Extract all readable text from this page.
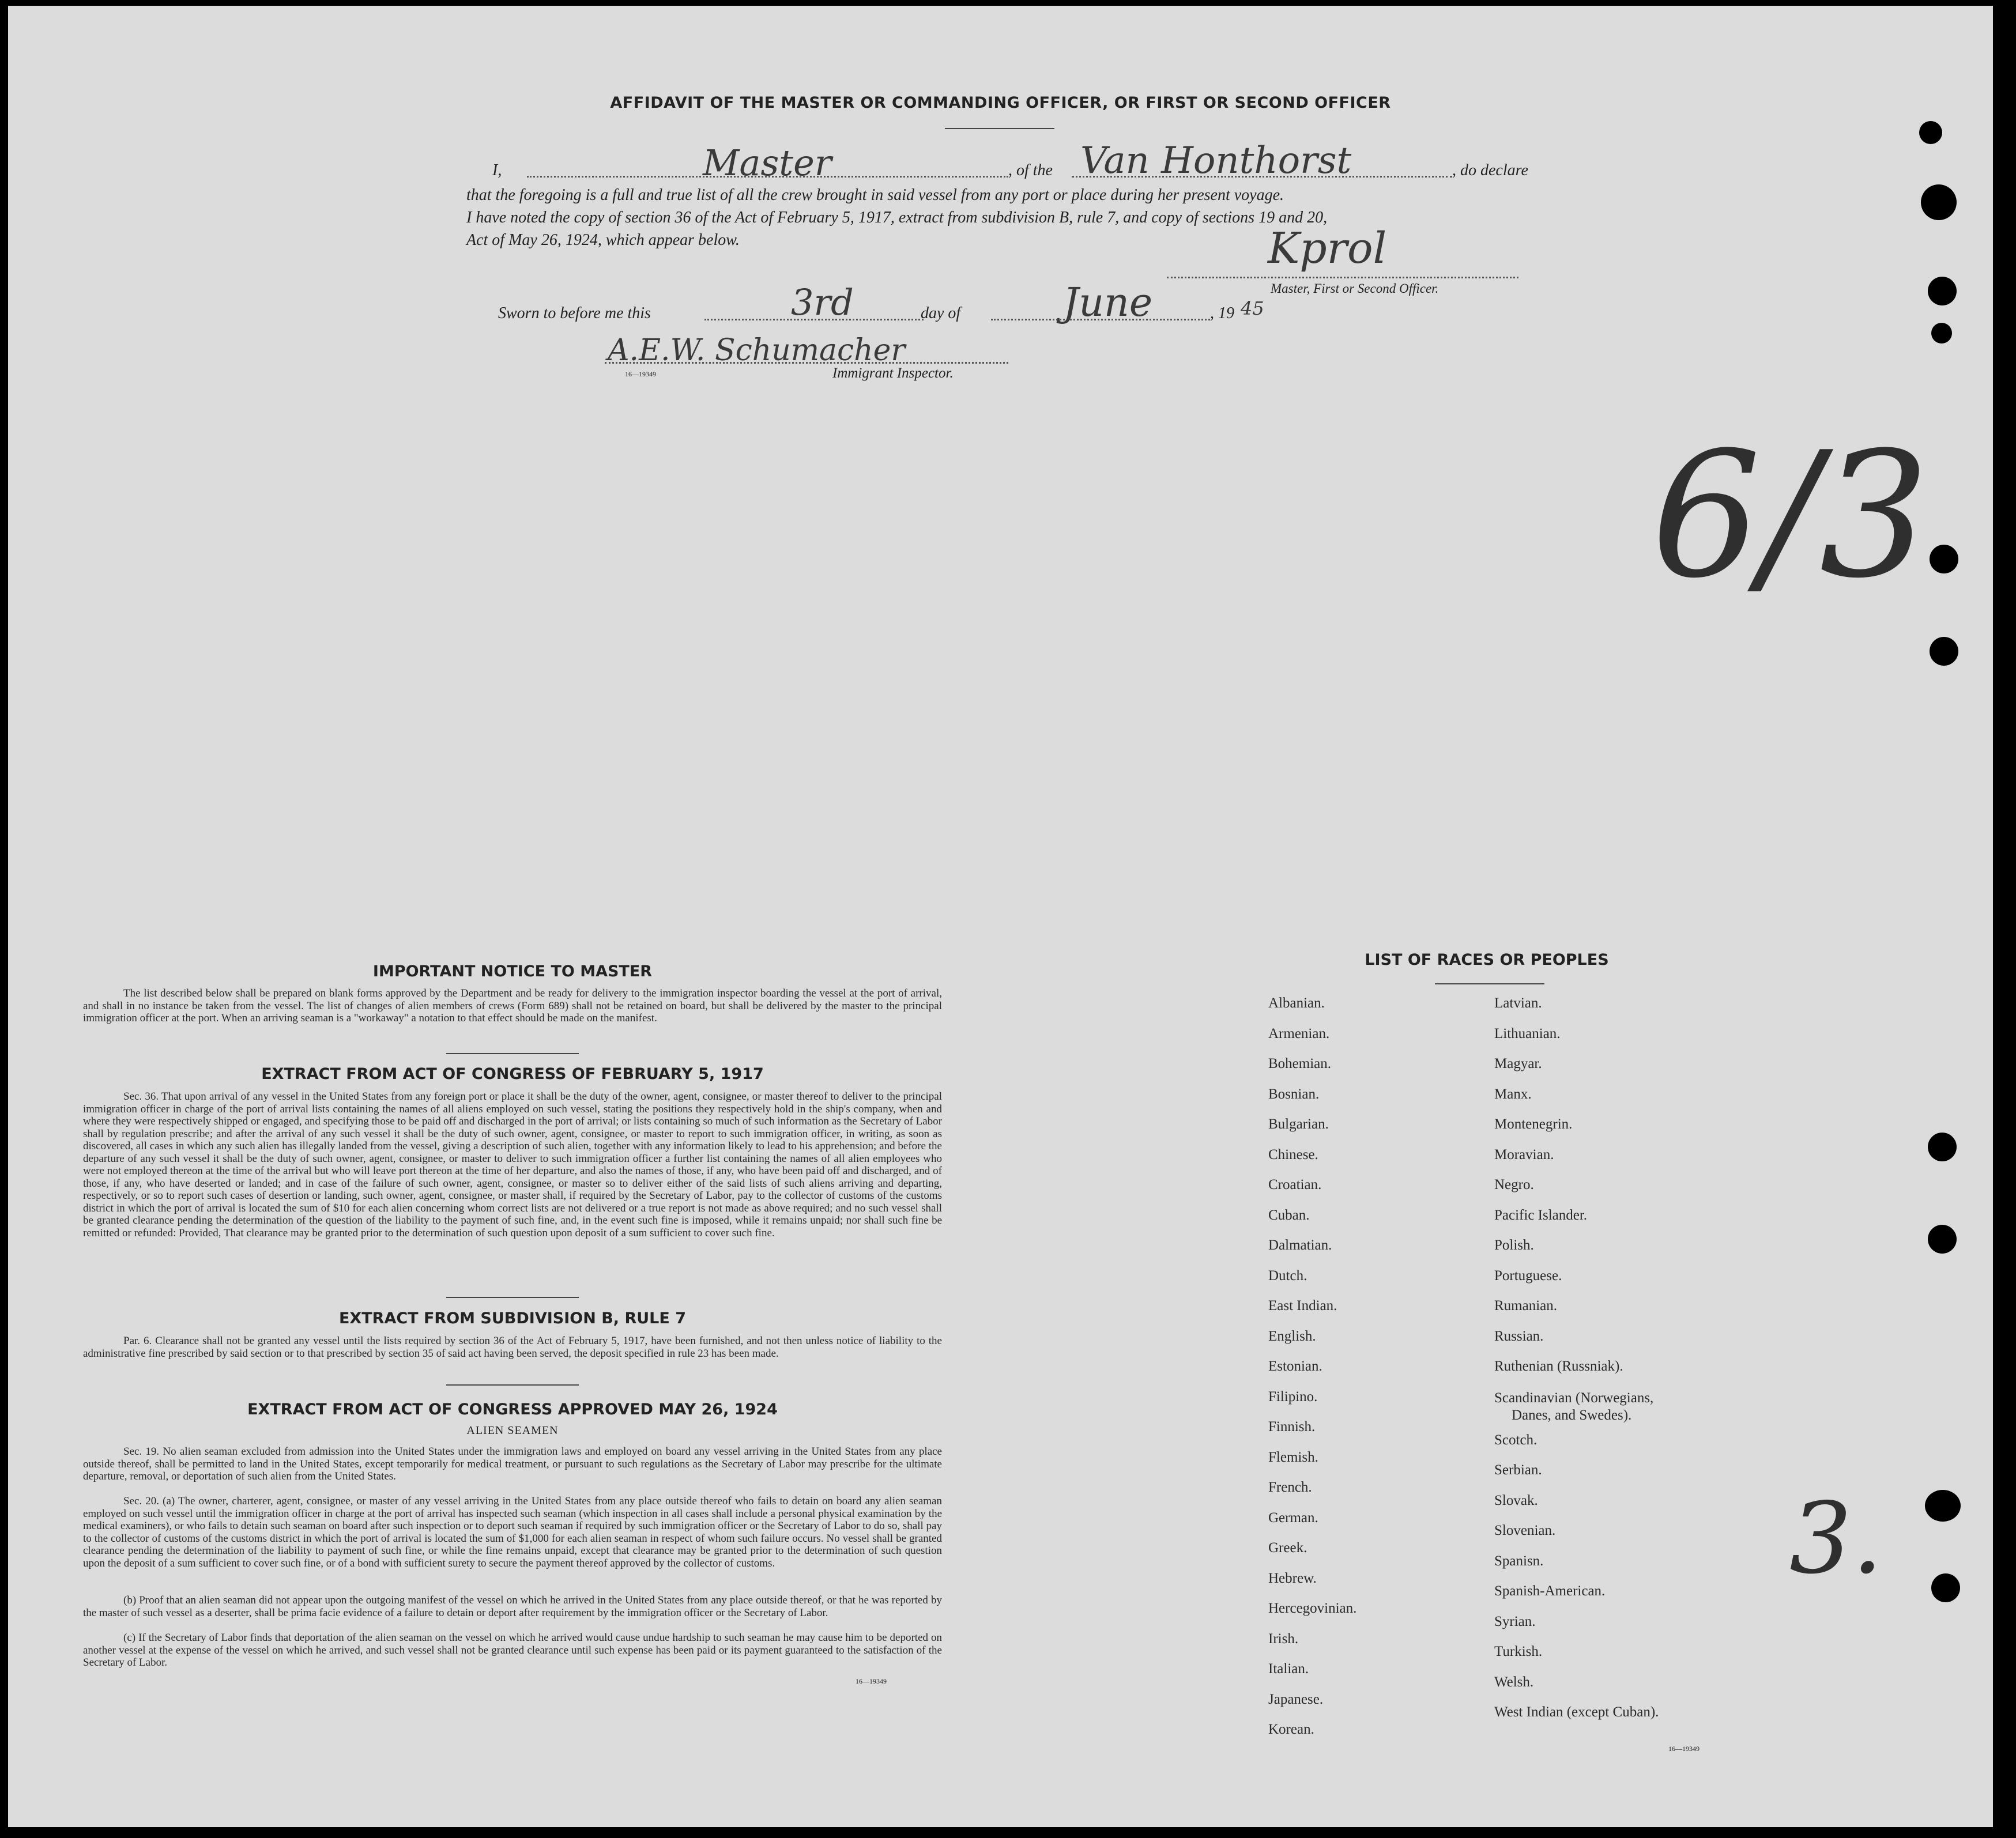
AFFIDAVIT OF THE MASTER OR COMMANDING OFFICER, OR FIRST OR SECOND OFFICER
I,	Master	, of the Van Honthorst	, do declare
that the foregoing is a full and true list of all the crew brought in said vessel from any port or place during her present voyage.
I have noted the copy of section 36 of the Act of February 5, 1917, extract from subdivision B, rule 7, and copy of sections 19 and 20,
Act of May 26, 1924, which appear below.	Kprol
Master, First or Second Officer.
Sworn to before me this	3rd	day of	June	, 19 45
A.E.W. Schumacher
16—19349	Immigrant Inspector.
6/3
3.
IMPORTANT NOTICE TO MASTER
The list described below shall be prepared on blank forms approved by the Department and be ready for delivery to the immigration inspector boarding the vessel at the port of arrival, and shall in no instance be taken from the vessel. The list of changes of alien members of crews (Form 689) shall not be retained on board, but shall be delivered by the master to the principal immigration officer at the port. When an arriving seaman is a "workaway" a notation to that effect should be made on the manifest.
EXTRACT FROM ACT OF CONGRESS OF FEBRUARY 5, 1917
Sec. 36. That upon arrival of any vessel in the United States from any foreign port or place it shall be the duty of the owner, agent, consignee, or master thereof to deliver to the principal immigration officer in charge of the port of arrival lists containing the names of all aliens employed on such vessel, stating the positions they respectively hold in the ship's company, when and where they were respectively shipped or engaged, and specifying those to be paid off and discharged in the port of arrival; or lists containing so much of such information as the Secretary of Labor shall by regulation prescribe; and after the arrival of any such vessel it shall be the duty of such owner, agent, consignee, or master to report to such immigration officer, in writing, as soon as discovered, all cases in which any such alien has illegally landed from the vessel, giving a description of such alien, together with any information likely to lead to his apprehension; and before the departure of any such vessel it shall be the duty of such owner, agent, consignee, or master to deliver to such immigration officer a further list containing the names of all alien employees who were not employed thereon at the time of the arrival but who will leave port thereon at the time of her departure, and also the names of those, if any, who have been paid off and discharged, and of those, if any, who have deserted or landed; and in case of the failure of such owner, agent, consignee, or master so to deliver either of the said lists of such aliens arriving and departing, respectively, or so to report such cases of desertion or landing, such owner, agent, consignee, or master shall, if required by the Secretary of Labor, pay to the collector of customs of the customs district in which the port of arrival is located the sum of $10 for each alien concerning whom correct lists are not delivered or a true report is not made as above required; and no such vessel shall be granted clearance pending the determination of the question of the liability to the payment of such fine, and, in the event such fine is imposed, while it remains unpaid; nor shall such fine be remitted or refunded: Provided, That clearance may be granted prior to the determination of such question upon deposit of a sum sufficient to cover such fine.
EXTRACT FROM SUBDIVISION B, RULE 7
Par. 6. Clearance shall not be granted any vessel until the lists required by section 36 of the Act of February 5, 1917, have been furnished, and not then unless notice of liability to the administrative fine prescribed by said section or to that prescribed by section 35 of said act having been served, the deposit specified in rule 23 has been made.
EXTRACT FROM ACT OF CONGRESS APPROVED MAY 26, 1924
ALIEN SEAMEN
Sec. 19. No alien seaman excluded from admission into the United States under the immigration laws and employed on board any vessel arriving in the United States from any place outside thereof, shall be permitted to land in the United States, except temporarily for medical treatment, or pursuant to such regulations as the Secretary of Labor may prescribe for the ultimate departure, removal, or deportation of such alien from the United States.
Sec. 20. (a) The owner, charterer, agent, consignee, or master of any vessel arriving in the United States from any place outside thereof who fails to detain on board any alien seaman employed on such vessel until the immigration officer in charge at the port of arrival has inspected such seaman (which inspection in all cases shall include a personal physical examination by the medical examiners), or who fails to detain such seaman on board after such inspection or to deport such seaman if required by such immigration officer or the Secretary of Labor to do so, shall pay to the collector of customs of the customs district in which the port of arrival is located the sum of $1,000 for each alien seaman in respect of whom such failure occurs. No vessel shall be granted clearance pending the determination of the liability to payment of such fine, or while the fine remains unpaid, except that clearance may be granted prior to the determination of such question upon the deposit of a sum sufficient to cover such fine, or of a bond with sufficient surety to secure the payment thereof approved by the collector of customs.
(b) Proof that an alien seaman did not appear upon the outgoing manifest of the vessel on which he arrived in the United States from any place outside thereof, or that he was reported by the master of such vessel as a deserter, shall be prima facie evidence of a failure to detain or deport after requirement by the immigration officer or the Secretary of Labor.
(c) If the Secretary of Labor finds that deportation of the alien seaman on the vessel on which he arrived would cause undue hardship to such seaman he may cause him to be deported on another vessel at the expense of the vessel on which he arrived, and such vessel shall not be granted clearance until such expense has been paid or its payment guaranteed to the satisfaction of the Secretary of Labor.
16—19349
LIST OF RACES OR PEOPLES
Albanian.
Armenian.
Bohemian.
Bosnian.
Bulgarian.
Chinese.
Croatian.
Cuban.
Dalmatian.
Dutch.
East Indian.
English.
Estonian.
Filipino.
Finnish.
Flemish.
French.
German.
Greek.
Hebrew.
Hercegovinian.
Irish.
Italian.
Japanese.
Korean.
Latvian.
Lithuanian.
Magyar.
Manx.
Montenegrin.
Moravian.
Negro.
Pacific Islander.
Polish.
Portuguese.
Rumanian.
Russian.
Ruthenian (Russniak).
Scandinavian (Norwegians,
Danes, and Swedes).
Scotch.
Serbian.
Slovak.
Slovenian.
Spanisn.
Spanish-American.
Syrian.
Turkish.
Welsh.
West Indian (except Cuban).
16—19349
